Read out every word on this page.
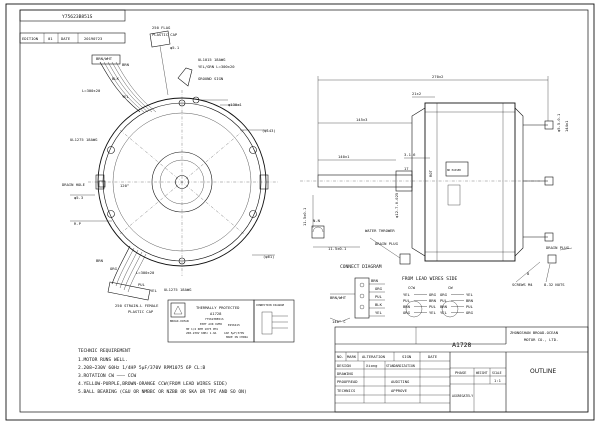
Y75623B851S
EDITION	01 DATE	20190723
250 FLAG
PLASTIC CAP
φ5.1
UL1015 18AWG
YEL/GRN L=300±20
GROUND SIGN
BRN/WHT
BRN
BLK
YEL
L=300±20
φ130±1
(φ143)
UL1275 18AWG
DRAIN HOLE
φ5.3
120°
R.P
(φ61)
BRN
ORG
PUL
YEL UL1275 18AWG
L=300±20
250 STRAIN-L FEMALE
PLASTIC CAP
270±2
21±2
145±3
140±1	3-1.6
17
φ12.7-0.025
11.5±0.1 N-N
WATER THROWER
DRAIN PLUG
11.5±0.1
ROT	NO PASSED
φ5.5-0.1 144±1
DRAIN PLUG
SCREWS M4	8-32 NUTS
8
CONNECT DIAGRAM
BRN/WHT
BRN
ORG
PUL
BLK
YEL
140° C
FROM LEAD WIRES SIDE
CCW	CW
YEL	ORG
PUL	BRN
BRN	PUL
ORG	YEL
ORG	YEL
PUL	BRN
BRN	PUL
YEL	ORG
THERMALLY PROTECTED
A1728
Y75623B851S
BROAD-OCEAN
EXHT AIR OVER
HP 1/4 RPM 1075 PH1
208-230V 60Hz 1.9A	CAP 5μF/370V
MADE IN CHINA
E256415
CONNECTION DIAGRAM
TECHNIC REQUIREMENT
1.MOTOR RUNS WELL.
2.208~230V 60Hz 1/4HP 5μF/370V RPM1075 6P CL:B
3.ROTATION CW ——— CCW
4.YELLOW-PURPLE,BROWN-ORANGE CCW(FROM LEAD WIRES SIDE)
5.BALL BEARING (C&U OR NMBBC OR NZBB OR SKA OR TPI AND SO ON)
ZHONGSHAN BROAD-OCEAN
MOTOR CO., LTD.
A1728
NO. MARK ALTERATION	SIGN	DATE
DESIGN	Xiong	STANDARDIZATION
DRAWING
PROOFREAD	AUDITING
TECHNICS	APPROVE
PHASE	WEIGHT SCALE
1:1
AGGREGATELY
OUTLINE
